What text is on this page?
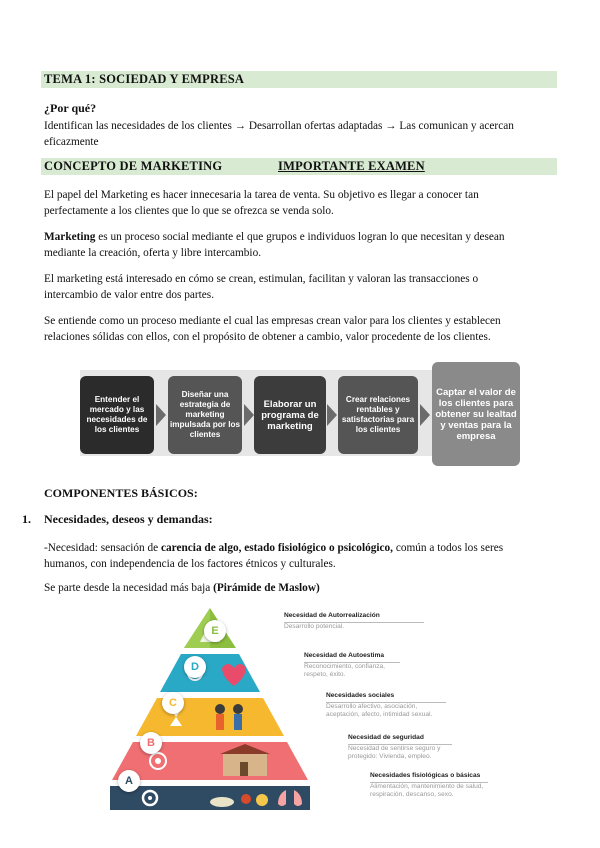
TEMA 1: SOCIEDAD Y EMPRESA
¿Por qué?
Identifican las necesidades de los clientes → Desarrollan ofertas adaptadas → Las comunican y acercan
eficazmente
CONCEPTO DE MARKETING	IMPORTANTE EXAMEN
El papel del Marketing es hacer innecesaria la tarea de venta. Su objetivo es llegar a conocer tan
perfectamente a los clientes que lo que se ofrezca se venda solo.
Marketing es un proceso social mediante el que grupos e individuos logran lo que necesitan y desean
mediante la creación, oferta y libre intercambio.
El marketing está interesado en cómo se crean, estimulan, facilitan y valoran las transacciones o
intercambio de valor entre dos partes.
Se entiende como un proceso mediante el cual las empresas crean valor para los clientes y establecen
relaciones sólidas con ellos, con el propósito de obtener a cambio, valor procedente de los clientes.
Entender el mercado y las necesidades de los clientes
Diseñar una estrategia de marketing impulsada por los clientes
Elaborar un programa de marketing
Crear relaciones rentables y satisfactorias para los clientes
Captar el valor de los clientes para obtener su lealtad y ventas para la empresa
COMPONENTES BÁSICOS:
1. Necesidades, deseos y demandas:
-Necesidad: sensación de carencia de algo, estado fisiológico o psicológico, común a todos los seres
humanos, con independencia de los factores étnicos y culturales.
Se parte desde la necesidad más baja (Pirámide de Maslow)
E
D
C
B
A
Necesidad de Autorrealización
Desarrollo potencial.
Necesidad de Autoestima
Reconocimiento, confianza, respeto, éxito.
Necesidades sociales
Desarrollo afectivo, asociación, aceptación, afecto, intimidad sexual.
Necesidad de seguridad
Necesidad de sentirse seguro y protegido: Vivienda, empleo.
Necesidades fisiológicas o básicas
Alimentación, mantenimiento de salud, respiración, descanso, sexo.
